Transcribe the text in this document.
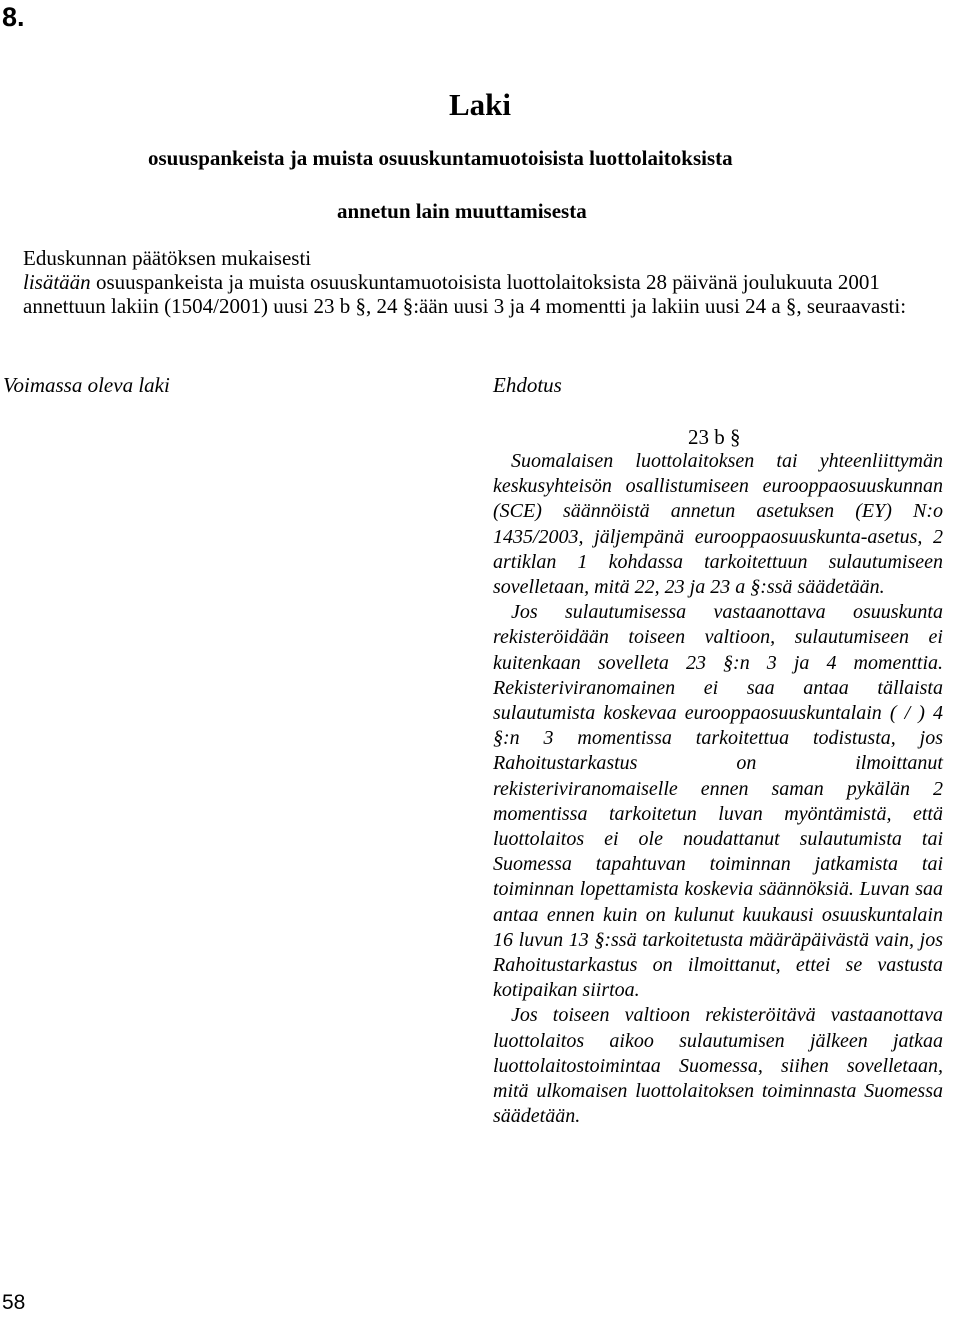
8.
Laki
osuuspankeista ja muista osuuskuntamuotoisista luottolaitoksista
annetun lain muuttamisesta
Eduskunnan päätöksen mukaisesti
lisätään osuuspankeista ja muista osuuskuntamuotoisista luottolaitoksista 28 päivänä joulukuuta 2001 annettuun lakiin (1504/2001) uusi 23 b §, 24 §:ään uusi 3 ja 4 momentti ja lakiin uusi 24 a §, seuraavasti:
Voimassa oleva laki	Ehdotus
23 b §

Suomalaisen luottolaitoksen tai yhteenliittymän keskusyhteisön osallistumiseen eurooppaosuuskunnan (SCE) säännöistä annetun asetuksen (EY) N:o 1435/2003, jäljempänä eurooppaosuuskunta-asetus, 2 artiklan 1 kohdassa tarkoitettuun sulautumiseen sovelletaan, mitä 22, 23 ja 23 a §:ssä säädetään.

Jos sulautumisessa vastaanottava osuuskunta rekisteröidään toiseen valtioon, sulautumiseen ei kuitenkaan sovelleta 23 §:n 3 ja 4 momenttia. Rekisteriviranomainen ei saa antaa tällaista sulautumista koskevaa eurooppaosuuskuntalain ( / ) 4 §:n 3 momentissa tarkoitettua todistusta, jos Rahoitustarkastus on ilmoittanut rekisteriviranomaiselle ennen saman pykälän 2 momentissa tarkoitetun luvan myöntämistä, että luottolaitos ei ole noudattanut sulautumista tai Suomessa tapahtuvan toiminnan jatkamista tai toiminnan lopettamista koskevia säännöksiä. Luvan saa antaa ennen kuin on kulunut kuukausi osuuskuntalain 16 luvun 13 §:ssä tarkoitetusta määräpäivästä vain, jos Rahoitustarkastus on ilmoittanut, ettei se vastusta kotipaikan siirtoa.

Jos toiseen valtioon rekisteröitävä vastaanottava luottolaitos aikoo sulautumisen jälkeen jatkaa luottolaitostoimintaa Suomessa, siihen sovelletaan, mitä ulkomaisen luottolaitoksen toiminnasta Suomessa säädetään.

58
